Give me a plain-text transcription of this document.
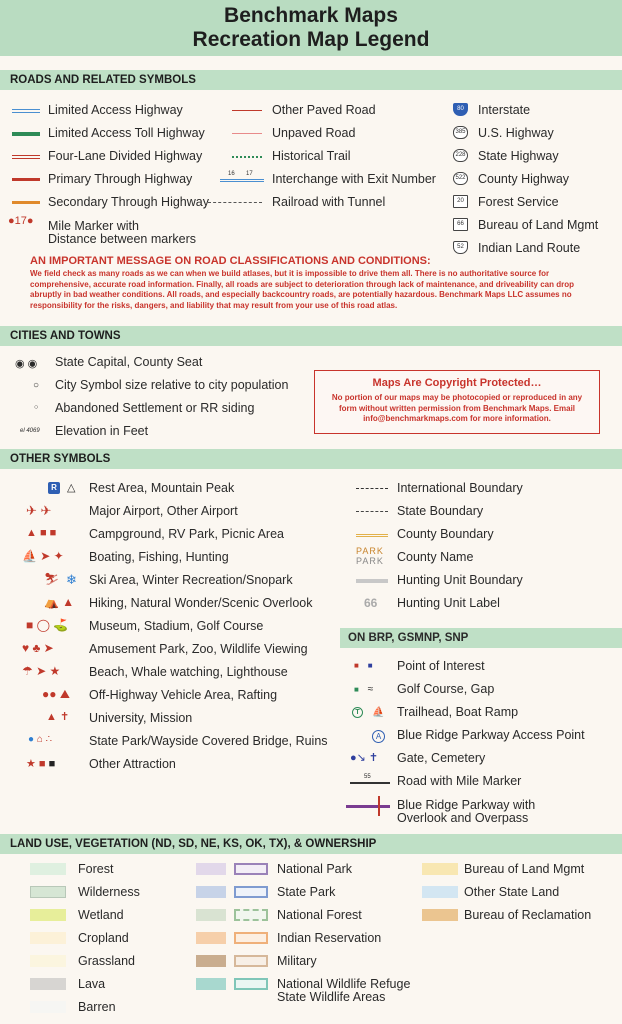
Benchmark Maps
Recreation Map Legend
ROADS AND RELATED SYMBOLS
Limited Access Highway
Limited Access Toll Highway
Four-Lane Divided Highway
Primary Through Highway
Secondary Through Highway
●17● Mile Marker with
Distance between markers
16 17
Other Paved Road
Unpaved Road
Historical Trail
Interchange with Exit Number
Railroad with Tunnel
80
385
228
522
20
66
52
Interstate
U.S. Highway
State Highway
County Highway
Forest Service
Bureau of Land Mgmt
Indian Land Route
AN IMPORTANT MESSAGE ON ROAD CLASSIFICATIONS AND CONDITIONS:
We field check as many roads as we can when we build atlases, but it is impossible to drive them all. There is no authoritative source for comprehensive, accurate road information. Finally, all roads are subject to deterioration through lack of maintenance, and driveability can drop abruptly in bad weather conditions. All roads, and especially backcountry roads, are potentially hazardous. Benchmark Maps LLC assumes no responsibility for the risks, dangers, and liability that may result from your use of this road atlas.
CITIES AND TOWNS
◉ ◉
○
○
el 4069
State Capital, County Seat
City Symbol size relative to city population
Abandoned Settlement or RR siding
Elevation in Feet
Maps Are Copyright Protected…
No portion of our maps may be photocopied or reproduced in any form without written permission from Benchmark Maps. Email info@benchmarkmaps.com for more information.
OTHER SYMBOLS
R △
✈ ✈
▲ ■ ■
⛵ ➤ ✦
⛷ ❄
⛺ ▲
■ ◯ ⛳
♥ ♣ ➤
☂ ➤ ★
●● ⛰
▲ ✝
● ⌂ ∴
★ ■ ■
Rest Area, Mountain Peak
Major Airport, Other Airport
Campground, RV Park, Picnic Area
Boating, Fishing, Hunting
Ski Area, Winter Recreation/Snopark
Hiking, Natural Wonder/Scenic Overlook
Museum, Stadium, Golf Course
Amusement Park, Zoo, Wildlife Viewing
Beach, Whale watching, Lighthouse
Off-Highway Vehicle Area, Rafting
University, Mission
State Park/Wayside Covered Bridge, Ruins
Other Attraction
PARK
PARK
66
International Boundary
State Boundary
County Boundary
County Name
Hunting Unit Boundary
Hunting Unit Label
ON BRP, GSMNP, SNP
■ ■
■ ≈
T	⛵
A
●↘ ✝
55
Point of Interest
Golf Course, Gap
Trailhead, Boat Ramp
Blue Ridge Parkway Access Point
Gate, Cemetery
Road with Mile Marker
Blue Ridge Parkway with
Overlook and Overpass
LAND USE, VEGETATION (ND, SD, NE, KS, OK, TX), & OWNERSHIP
Forest
Wilderness
Wetland
Cropland
Grassland
Lava
Barren
National Park
State Park
National Forest
Indian Reservation
Military
National Wildlife Refuge
State Wildlife Areas
Bureau of Land Mgmt
Other State Land
Bureau of Reclamation
